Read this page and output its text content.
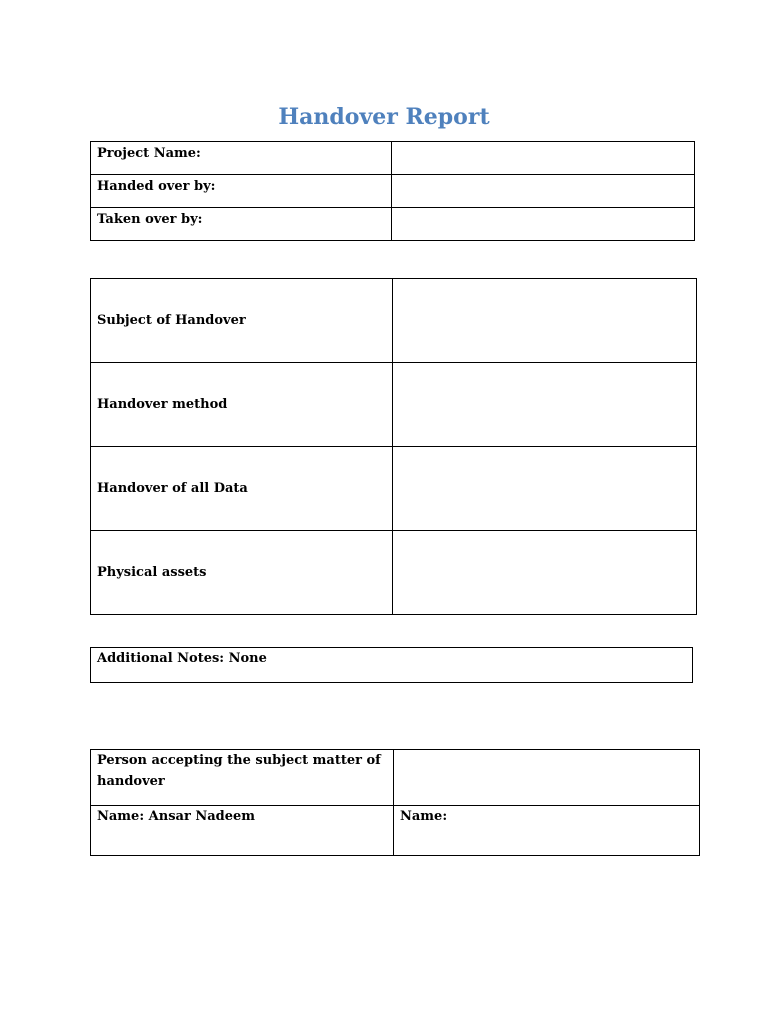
Handover Report
Project Name:	
Handed over by:	
Taken over by:	
Subject of Handover	
Handover method	
Handover of all Data	
Physical assets	
Additional Notes: None
Person accepting the subject matter of handover	
Name: Ansar Nadeem	Name:
